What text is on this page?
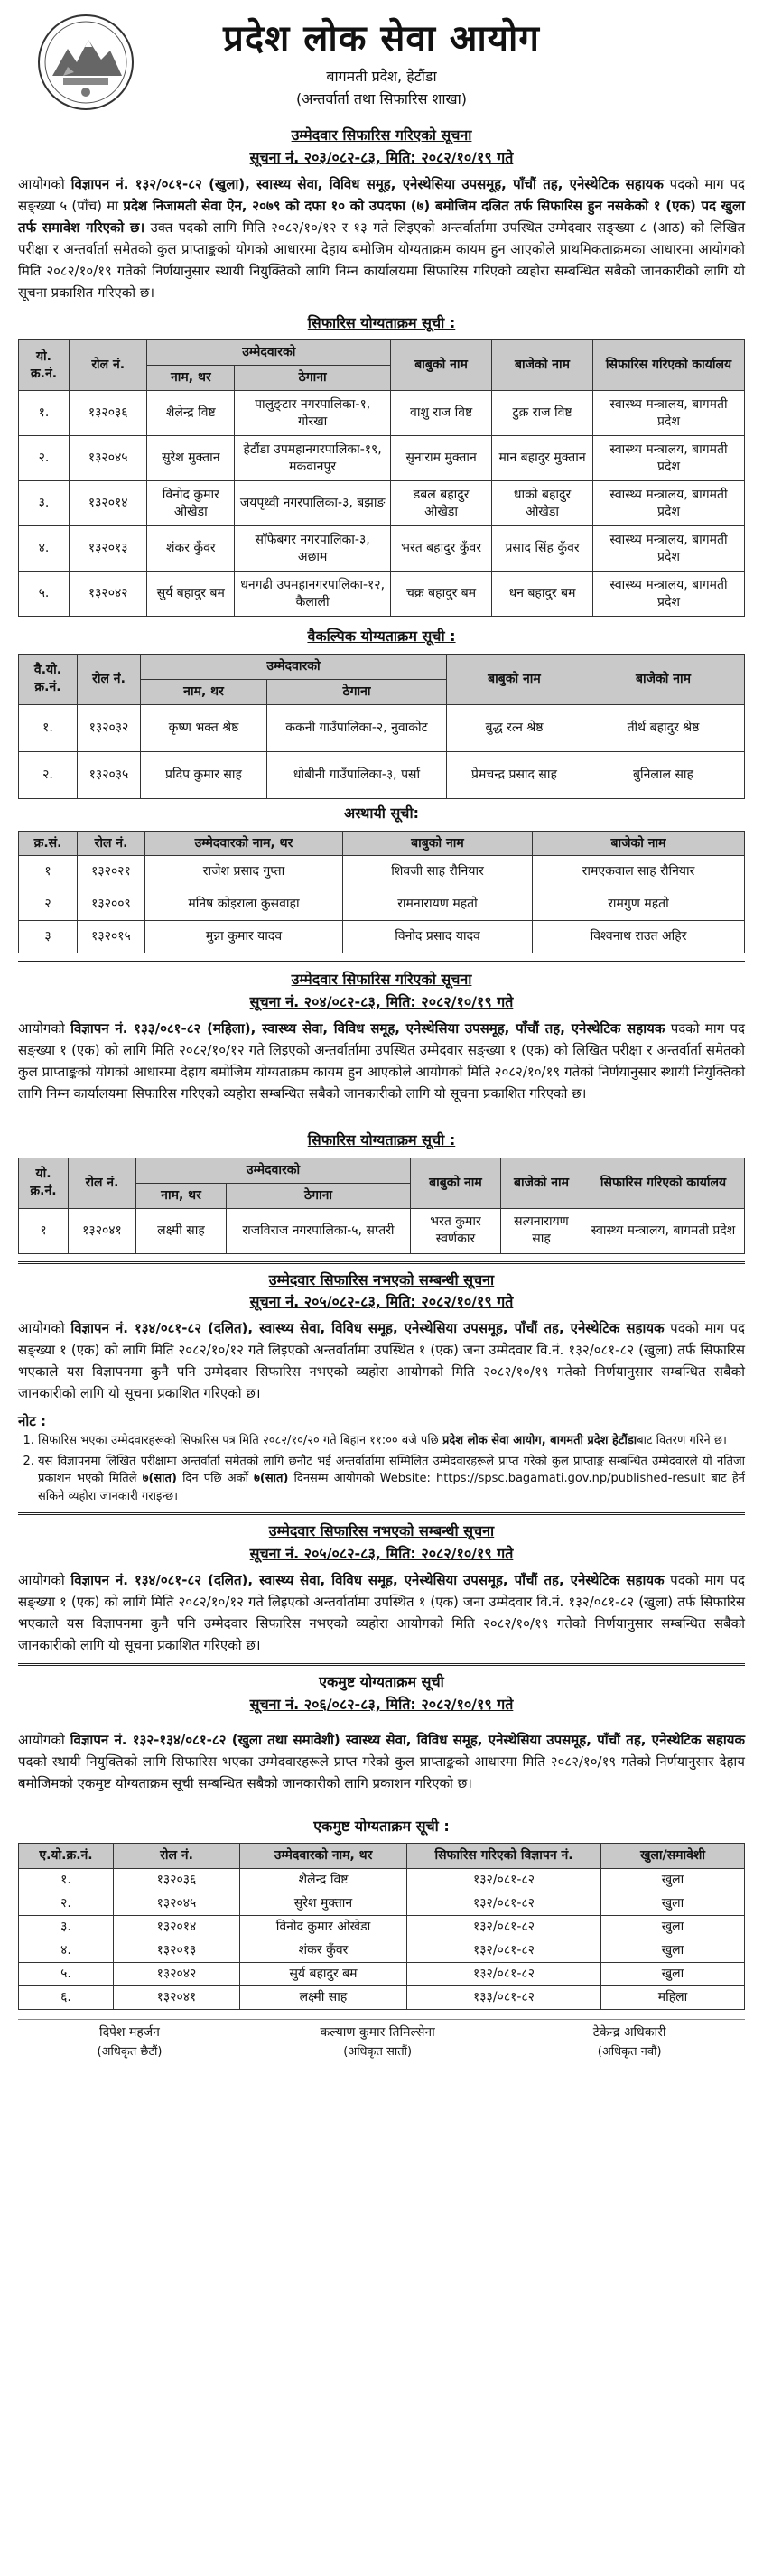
प्रदेश लोक सेवा आयोग
बागमती प्रदेश, हेटौंडा
(अन्तर्वार्ता तथा सिफारिस शाखा)
उम्मेदवार सिफारिस गरिएको सूचना
सूचना नं. २०३/०८२-८३, मिति: २०८२/१०/१९ गते

आयोगको विज्ञापन नं. १३२/०८१-८२ (खुला), स्वास्थ्य सेवा, विविध समूह, एनेस्थेसिया उपसमूह, पाँचौं तह, एनेस्थेटिक सहायक पदको माग पद सङ्ख्या ५ (पाँच) मा प्रदेश निजामती सेवा ऐन, २०७९ को दफा १० को उपदफा (७) बमोजिम दलित तर्फ सिफारिस हुन नसकेको १ (एक) पद खुला तर्फ समावेश गरिएको छ। उक्त पदको लागि मिति २०८२/१०/१२ र १३ गते लिइएको अन्तर्वार्तामा उपस्थित उम्मेदवार सङ्ख्या ८ (आठ) को लिखित परीक्षा र अन्तर्वार्ता समेतको कुल प्राप्ताङ्कको योगको आधारमा देहाय बमोजिम योग्यताक्रम कायम हुन आएकोले प्राथमिकताक्रमका आधारमा आयोगको मिति २०८२/१०/१९ गतेको निर्णयानुसार स्थायी नियुक्तिको लागि निम्न कार्यालयमा सिफारिस गरिएको व्यहोरा सम्बन्धित सबैको जानकारीको लागि यो सूचना प्रकाशित गरिएको छ।

सिफारिस योग्यताक्रम सूची :
यो. क्र.नं.	रोल नं.	उम्मेदवारको		बाबुको नाम	बाजेको नाम	सिफारिस गरिएको कार्यालय
		नाम, थर	ठेगाना			
१.	१३२०३६	शैलेन्द्र विष्ट	पालुङ्टार नगरपालिका-१, गोरखा	वाशु राज विष्ट	टुक्र राज विष्ट	स्वास्थ्य मन्त्रालय, बागमती प्रदेश
२.	१३२०४५	सुरेश मुक्तान	हेटौंडा उपमहानगरपालिका-१९, मकवानपुर	सुनाराम मुक्तान	मान बहादुर मुक्तान	स्वास्थ्य मन्त्रालय, बागमती प्रदेश
३.	१३२०१४	विनोद कुमार ओखेडा	जयपृथ्वी नगरपालिका-३, बझाङ	डबल बहादुर ओखेडा	धाको बहादुर ओखेडा	स्वास्थ्य मन्त्रालय, बागमती प्रदेश
४.	१३२०१३	शंकर कुँवर	साँफेबगर नगरपालिका-३, अछाम	भरत बहादुर कुँवर	प्रसाद सिंह कुँवर	स्वास्थ्य मन्त्रालय, बागमती प्रदेश
५.	१३२०४२	सुर्य बहादुर बम	धनगढी उपमहानगरपालिका-१२, कैलाली	चक्र बहादुर बम	धन बहादुर बम	स्वास्थ्य मन्त्रालय, बागमती प्रदेश
वैकल्पिक योग्यताक्रम सूची :
वै.यो. क्र.नं.	रोल नं.	उम्मेदवारको		बाबुको नाम	बाजेको नाम
		नाम, थर	ठेगाना		
१.	१३२०३२	कृष्ण भक्त श्रेष्ठ	ककनी गाउँपालिका-२, नुवाकोट	बुद्ध रत्न श्रेष्ठ	तीर्थ बहादुर श्रेष्ठ
२.	१३२०३५	प्रदिप कुमार साह	धोबीनी गाउँपालिका-३, पर्सा	प्रेमचन्द्र प्रसाद साह	बुनिलाल साह
अस्थायी सूची:
क्र.सं.	रोल नं.	उम्मेदवारको नाम, थर	बाबुको नाम	बाजेको नाम
१	१३२०२१	राजेश प्रसाद गुप्ता	शिवजी साह रौनियार	रामएकवाल साह रौनियार
२	१३२००९	मनिष कोइराला कुसवाहा	रामनारायण महतो	रामगुण महतो
३	१३२०१५	मुन्ना कुमार यादव	विनोद प्रसाद यादव	विश्वनाथ राउत अहिर
उम्मेदवार सिफारिस गरिएको सूचना
सूचना नं. २०४/०८२-८३, मिति: २०८२/१०/१९ गते

आयोगको विज्ञापन नं. १३३/०८१-८२ (महिला), स्वास्थ्य सेवा, विविध समूह, एनेस्थेसिया उपसमूह, पाँचौं तह, एनेस्थेटिक सहायक पदको माग पद सङ्ख्या १ (एक) को लागि मिति २०८२/१०/१२ गते लिइएको अन्तर्वार्तामा उपस्थित उम्मेदवार सङ्ख्या १ (एक) को लिखित परीक्षा र अन्तर्वार्ता समेतको कुल प्राप्ताङ्कको योगको आधारमा देहाय बमोजिम योग्यताक्रम कायम हुन आएकोले आयोगको मिति २०८२/१०/१९ गतेको निर्णयानुसार स्थायी नियुक्तिको लागि निम्न कार्यालयमा सिफारिस गरिएको व्यहोरा सम्बन्धित सबैको जानकारीको लागि यो सूचना प्रकाशित गरिएको छ।

सिफारिस योग्यताक्रम सूची :
यो. क्र.नं.	रोल नं.	उम्मेदवारको		बाबुको नाम	बाजेको नाम	सिफारिस गरिएको कार्यालय
		नाम, थर	ठेगाना			
१	१३२०४१	लक्ष्मी साह	राजविराज नगरपालिका-५, सप्तरी	भरत कुमार स्वर्णकार	सत्यनारायण साह	स्वास्थ्य मन्त्रालय, बागमती प्रदेश
उम्मेदवार सिफारिस नभएको सम्बन्धी सूचना
सूचना नं. २०५/०८२-८३, मिति: २०८२/१०/१९ गते

आयोगको विज्ञापन नं. १३४/०८१-८२ (दलित), स्वास्थ्य सेवा, विविध समूह, एनेस्थेसिया उपसमूह, पाँचौं तह, एनेस्थेटिक सहायक पदको माग पद सङ्ख्या १ (एक) को लागि मिति २०८२/१०/१२ गते लिइएको अन्तर्वार्तामा उपस्थित १ (एक) जना उम्मेदवार वि.नं. १३२/०८१-८२ (खुला) तर्फ सिफारिस भएकाले यस विज्ञापनमा कुनै पनि उम्मेदवार सिफारिस नभएको व्यहोरा आयोगको मिति २०८२/१०/१९ गतेको निर्णयानुसार सम्बन्धित सबैको जानकारीको लागि यो सूचना प्रकाशित गरिएको छ।

नोट :
1. सिफारिस भएका उम्मेदवारहरूको सिफारिस पत्र मिति २०८२/१०/२० गते बिहान ११:०० बजे पछि प्रदेश लोक सेवा आयोग, बागमती प्रदेश हेटौंडाबाट वितरण गरिने छ।
2. यस विज्ञापनमा लिखित परीक्षामा अन्तर्वार्ता समेतको लागि छनौट भई अन्तर्वार्तामा सम्मिलित उम्मेदवारहरूले प्राप्त गरेको कुल प्राप्ताङ्क सम्बन्धित उम्मेदवारले यो नतिजा प्रकाशन भएको मितिले ७(सात) दिन पछि अर्को ७(सात) दिनसम्म आयोगको Website: https://spsc.bagamati.gov.np/published-result बाट हेर्न सकिने व्यहोरा जानकारी गराइन्छ।
उम्मेदवार सिफारिस नभएको सम्बन्धी सूचना
सूचना नं. २०५/०८२-८३, मिति: २०८२/१०/१९ गते

आयोगको विज्ञापन नं. १३४/०८१-८२ (दलित), स्वास्थ्य सेवा, विविध समूह, एनेस्थेसिया उपसमूह, पाँचौं तह, एनेस्थेटिक सहायक पदको माग पद सङ्ख्या १ (एक) को लागि मिति २०८२/१०/१२ गते लिइएको अन्तर्वार्तामा उपस्थित १ (एक) जना उम्मेदवार वि.नं. १३२/०८१-८२ (खुला) तर्फ सिफारिस भएकाले यस विज्ञापनमा कुनै पनि उम्मेदवार सिफारिस नभएको व्यहोरा आयोगको मिति २०८२/१०/१९ गतेको निर्णयानुसार सम्बन्धित सबैको जानकारीको लागि यो सूचना प्रकाशित गरिएको छ।

एकमुष्ट योग्यताक्रम सूची
सूचना नं. २०६/०८२-८३, मिति: २०८२/१०/१९ गते

आयोगको विज्ञापन नं. १३२-१३४/०८१-८२ (खुला तथा समावेशी) स्वास्थ्य सेवा, विविध समूह, एनेस्थेसिया उपसमूह, पाँचौं तह, एनेस्थेटिक सहायक पदको स्थायी नियुक्तिको लागि सिफारिस भएका उम्मेदवारहरूले प्राप्त गरेको कुल प्राप्ताङ्कको आधारमा मिति २०८२/१०/१९ गतेको निर्णयानुसार देहाय बमोजिमको एकमुष्ट योग्यताक्रम सूची सम्बन्धित सबैको जानकारीको लागि प्रकाशन गरिएको छ।

एकमुष्ट योग्यताक्रम सूची :
ए.यो.क्र.नं.	रोल नं.	उम्मेदवारको नाम, थर	सिफारिस गरिएको विज्ञापन नं.	खुला/समावेशी
१.	१३२०३६	शैलेन्द्र विष्ट	१३२/०८१-८२	खुला
२.	१३२०४५	सुरेश मुक्तान	१३२/०८१-८२	खुला
३.	१३२०१४	विनोद कुमार ओखेडा	१३२/०८१-८२	खुला
४.	१३२०१३	शंकर कुँवर	१३२/०८१-८२	खुला
५.	१३२०४२	सुर्य बहादुर बम	१३२/०८१-८२	खुला
६.	१३२०४१	लक्ष्मी साह	१३३/०८१-८२	महिला
दिपेश महर्जन
(अधिकृत छैटौं)
कल्याण कुमार तिमिल्सेना
(अधिकृत सातौं)
टेकेन्द्र अधिकारी
(अधिकृत नवौं)
